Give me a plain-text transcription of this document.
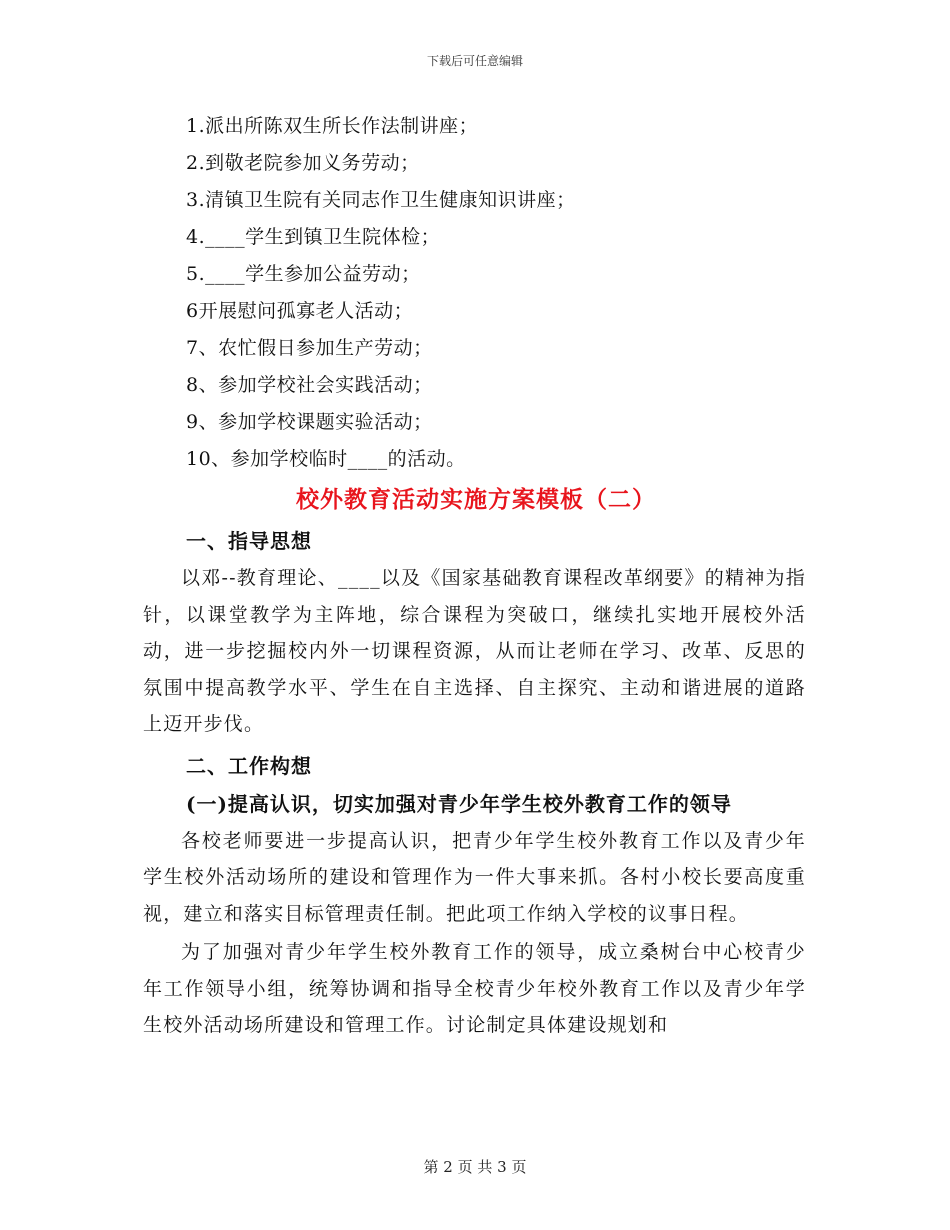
下载后可任意编辑
1.派出所陈双生所长作法制讲座；
2.到敬老院参加义务劳动；
3.清镇卫生院有关同志作卫生健康知识讲座；
4.____学生到镇卫生院体检；
5.____学生参加公益劳动；
6开展慰问孤寡老人活动；
7、农忙假日参加生产劳动；
8、参加学校社会实践活动；
9、参加学校课题实验活动；
10、参加学校临时____的活动。
校外教育活动实施方案模板（二）
一、指导思想
以邓--教育理论、____以及《国家基础教育课程改革纲要》的精神为指针，以课堂教学为主阵地，综合课程为突破口，继续扎实地开展校外活动，进一步挖掘校内外一切课程资源，从而让老师在学习、改革、反思的氛围中提高教学水平、学生在自主选择、自主探究、主动和谐进展的道路上迈开步伐。
二、工作构想
(一)提高认识，切实加强对青少年学生校外教育工作的领导
各校老师要进一步提高认识，把青少年学生校外教育工作以及青少年学生校外活动场所的建设和管理作为一件大事来抓。各村小校长要高度重视，建立和落实目标管理责任制。把此项工作纳入学校的议事日程。
为了加强对青少年学生校外教育工作的领导，成立桑树台中心校青少年工作领导小组，统筹协调和指导全校青少年校外教育工作以及青少年学生校外活动场所建设和管理工作。讨论制定具体建设规划和
第 2 页 共 3 页
